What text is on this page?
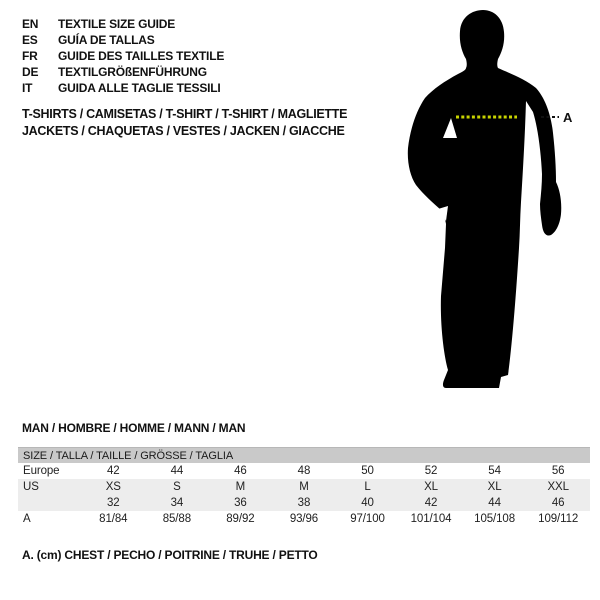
A
EN	TEXTILE SIZE GUIDE
ES	GUÍA DE TALLAS
FR	GUIDE DES TAILLES TEXTILE
DE	TEXTILGRÖßENFÜHRUNG
IT	GUIDA ALLE TAGLIE TESSILI
T-SHIRTS / CAMISETAS / T-SHIRT / T-SHIRT / MAGLIETTE
JACKETS / CHAQUETAS / VESTES / JACKEN / GIACCHE
MAN / HOMBRE / HOMME / MANN / MAN
SIZE / TALLA / TAILLE / GRÖSSE / TAGLIA								
Europe	42	44	46	48	50	52	54	56
US	XS	S	M	M	L	XL	XL	XXL
	32	34	36	38	40	42	44	46
A	81/84	85/88	89/92	93/96	97/100	101/104	105/108	109/112
A. (cm) CHEST / PECHO / POITRINE / TRUHE / PETTO
